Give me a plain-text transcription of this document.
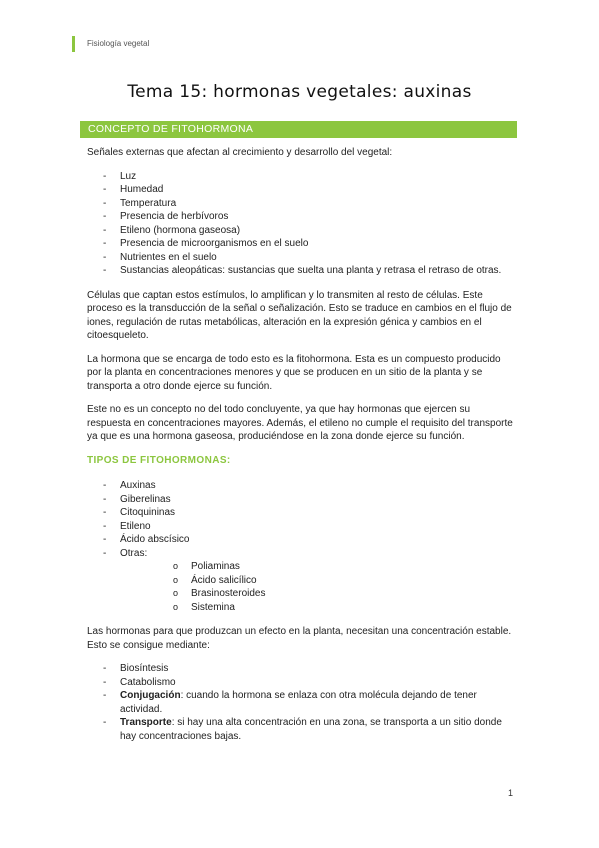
Fisiología vegetal
Tema 15: hormonas vegetales: auxinas
CONCEPTO DE FITOHORMONA

Señales externas que afectan al crecimiento y desarrollo del vegetal:

- Luz
- Humedad
- Temperatura
- Presencia de herbívoros
- Etileno (hormona gaseosa)
- Presencia de microorganismos en el suelo
- Nutrientes en el suelo
- Sustancias aleopáticas: sustancias que suelta una planta y retrasa el retraso de otras.

Células que captan estos estímulos, lo amplifican y lo transmiten al resto de células. Este proceso es la transducción de la señal o señalización. Esto se traduce en cambios en el flujo de iones, regulación de rutas metabólicas, alteración en la expresión génica y cambios en el citoesqueleto.

La hormona que se encarga de todo esto es la fitohormona. Esta es un compuesto producido por la planta en concentraciones menores y que se producen en un sitio de la planta y se transporta a otro donde ejerce su función.

Este no es un concepto no del todo concluyente, ya que hay hormonas que ejercen su respuesta en concentraciones mayores. Además, el etileno no cumple el requisito del transporte ya que es una hormona gaseosa, produciéndose en la zona donde ejerce su función.

TIPOS DE FITOHORMONAS:
- Auxinas
- Giberelinas
- Citoquininas
- Etileno
- Ácido abscísico
- Otras:
o Poliaminas
o Ácido salicílico
o Brasinosteroides
o Sistemina

Las hormonas para que produzcan un efecto en la planta, necesitan una concentración estable. Esto se consigue mediante:

- Biosíntesis
- Catabolismo
- Conjugación: cuando la hormona se enlaza con otra molécula dejando de tener actividad.
- Transporte: si hay una alta concentración en una zona, se transporta a un sitio donde hay concentraciones bajas.
1
